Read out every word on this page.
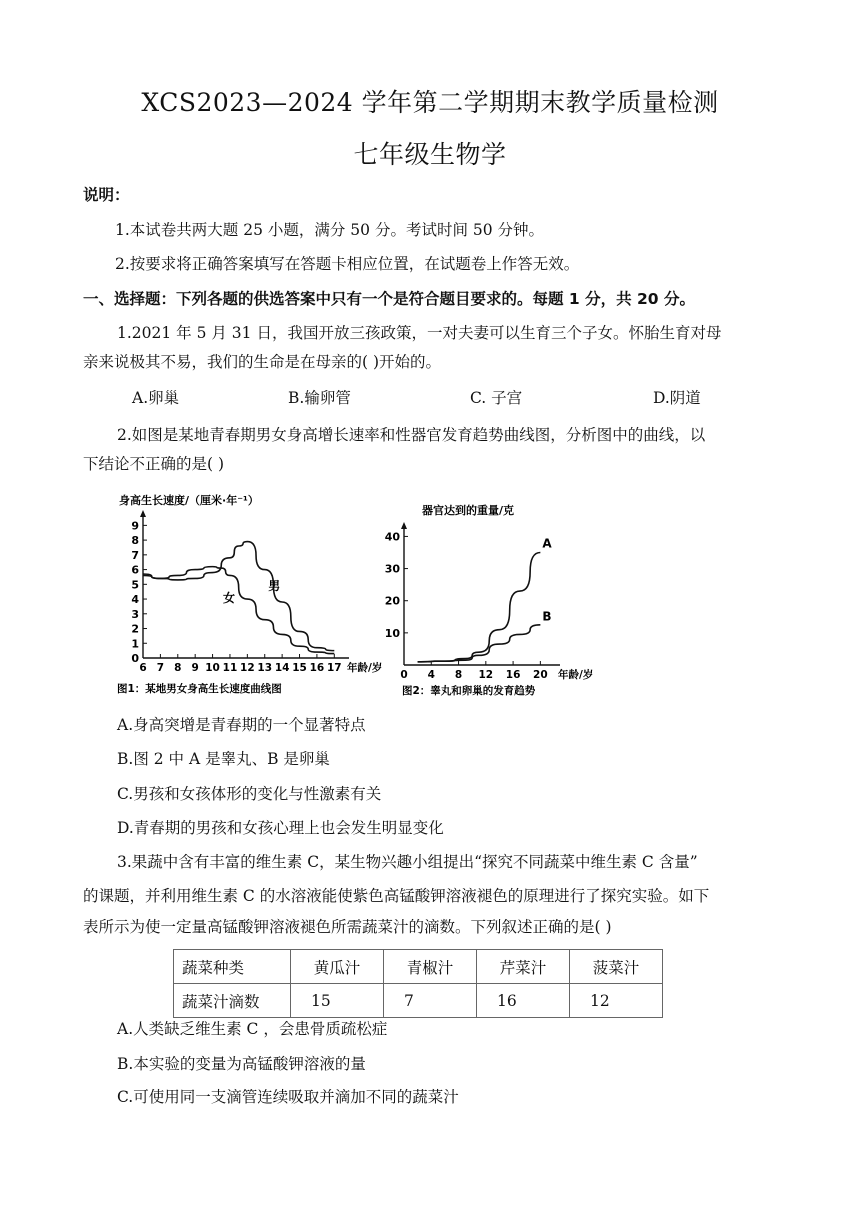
XCS2023—2024 学年第二学期期末教学质量检测
七年级生物学
说明：
1.本试卷共两大题 25 小题，满分 50 分。考试时间 50 分钟。
2.按要求将正确答案填写在答题卡相应位置，在试题卷上作答无效。
一、选择题：下列各题的供选答案中只有一个是符合题目要求的。每题 1 分，共 20 分。
1.2021 年 5 月 31 日，我国开放三孩政策，一对夫妻可以生育三个子女。怀胎生育对母
亲来说极其不易，我们的生命是在母亲的( )开始的。
A.卵巢	B.输卵管	C. 子宫	D.阴道
2.如图是某地青春期男女身高增长速率和性器官发育趋势曲线图，分析图中的曲线，以
下结论不正确的是( )
0
1
2
3
4
5
6
7
8
9
6 7 8 9 10 11 12 13 14 15 16 17 年龄/岁
身高生长速度/（厘米·年⁻¹）
男
女
图1：某地男女身高生长速度曲线图
10
20
30
40
0 4 8 12 16 20 年龄/岁
器官达到的重量/克
A
B
图2：睾丸和卵巢的发育趋势
A.身高突增是青春期的一个显著特点
B.图 2 中 A 是睾丸、B 是卵巢
C.男孩和女孩体形的变化与性激素有关
D.青春期的男孩和女孩心理上也会发生明显变化
3.果蔬中含有丰富的维生素 C，某生物兴趣小组提出“探究不同蔬菜中维生素 C 含量”
的课题，并利用维生素 C 的水溶液能使紫色高锰酸钾溶液褪色的原理进行了探究实验。如下
表所示为使一定量高锰酸钾溶液褪色所需蔬菜汁的滴数。下列叙述正确的是( )
蔬菜种类	黄瓜汁	青椒汁	芹菜汁	菠菜汁
蔬菜汁滴数	15	7	16	12
A.人类缺乏维生素 C ，会患骨质疏松症
B.本实验的变量为高锰酸钾溶液的量
C.可使用同一支滴管连续吸取并滴加不同的蔬菜汁
